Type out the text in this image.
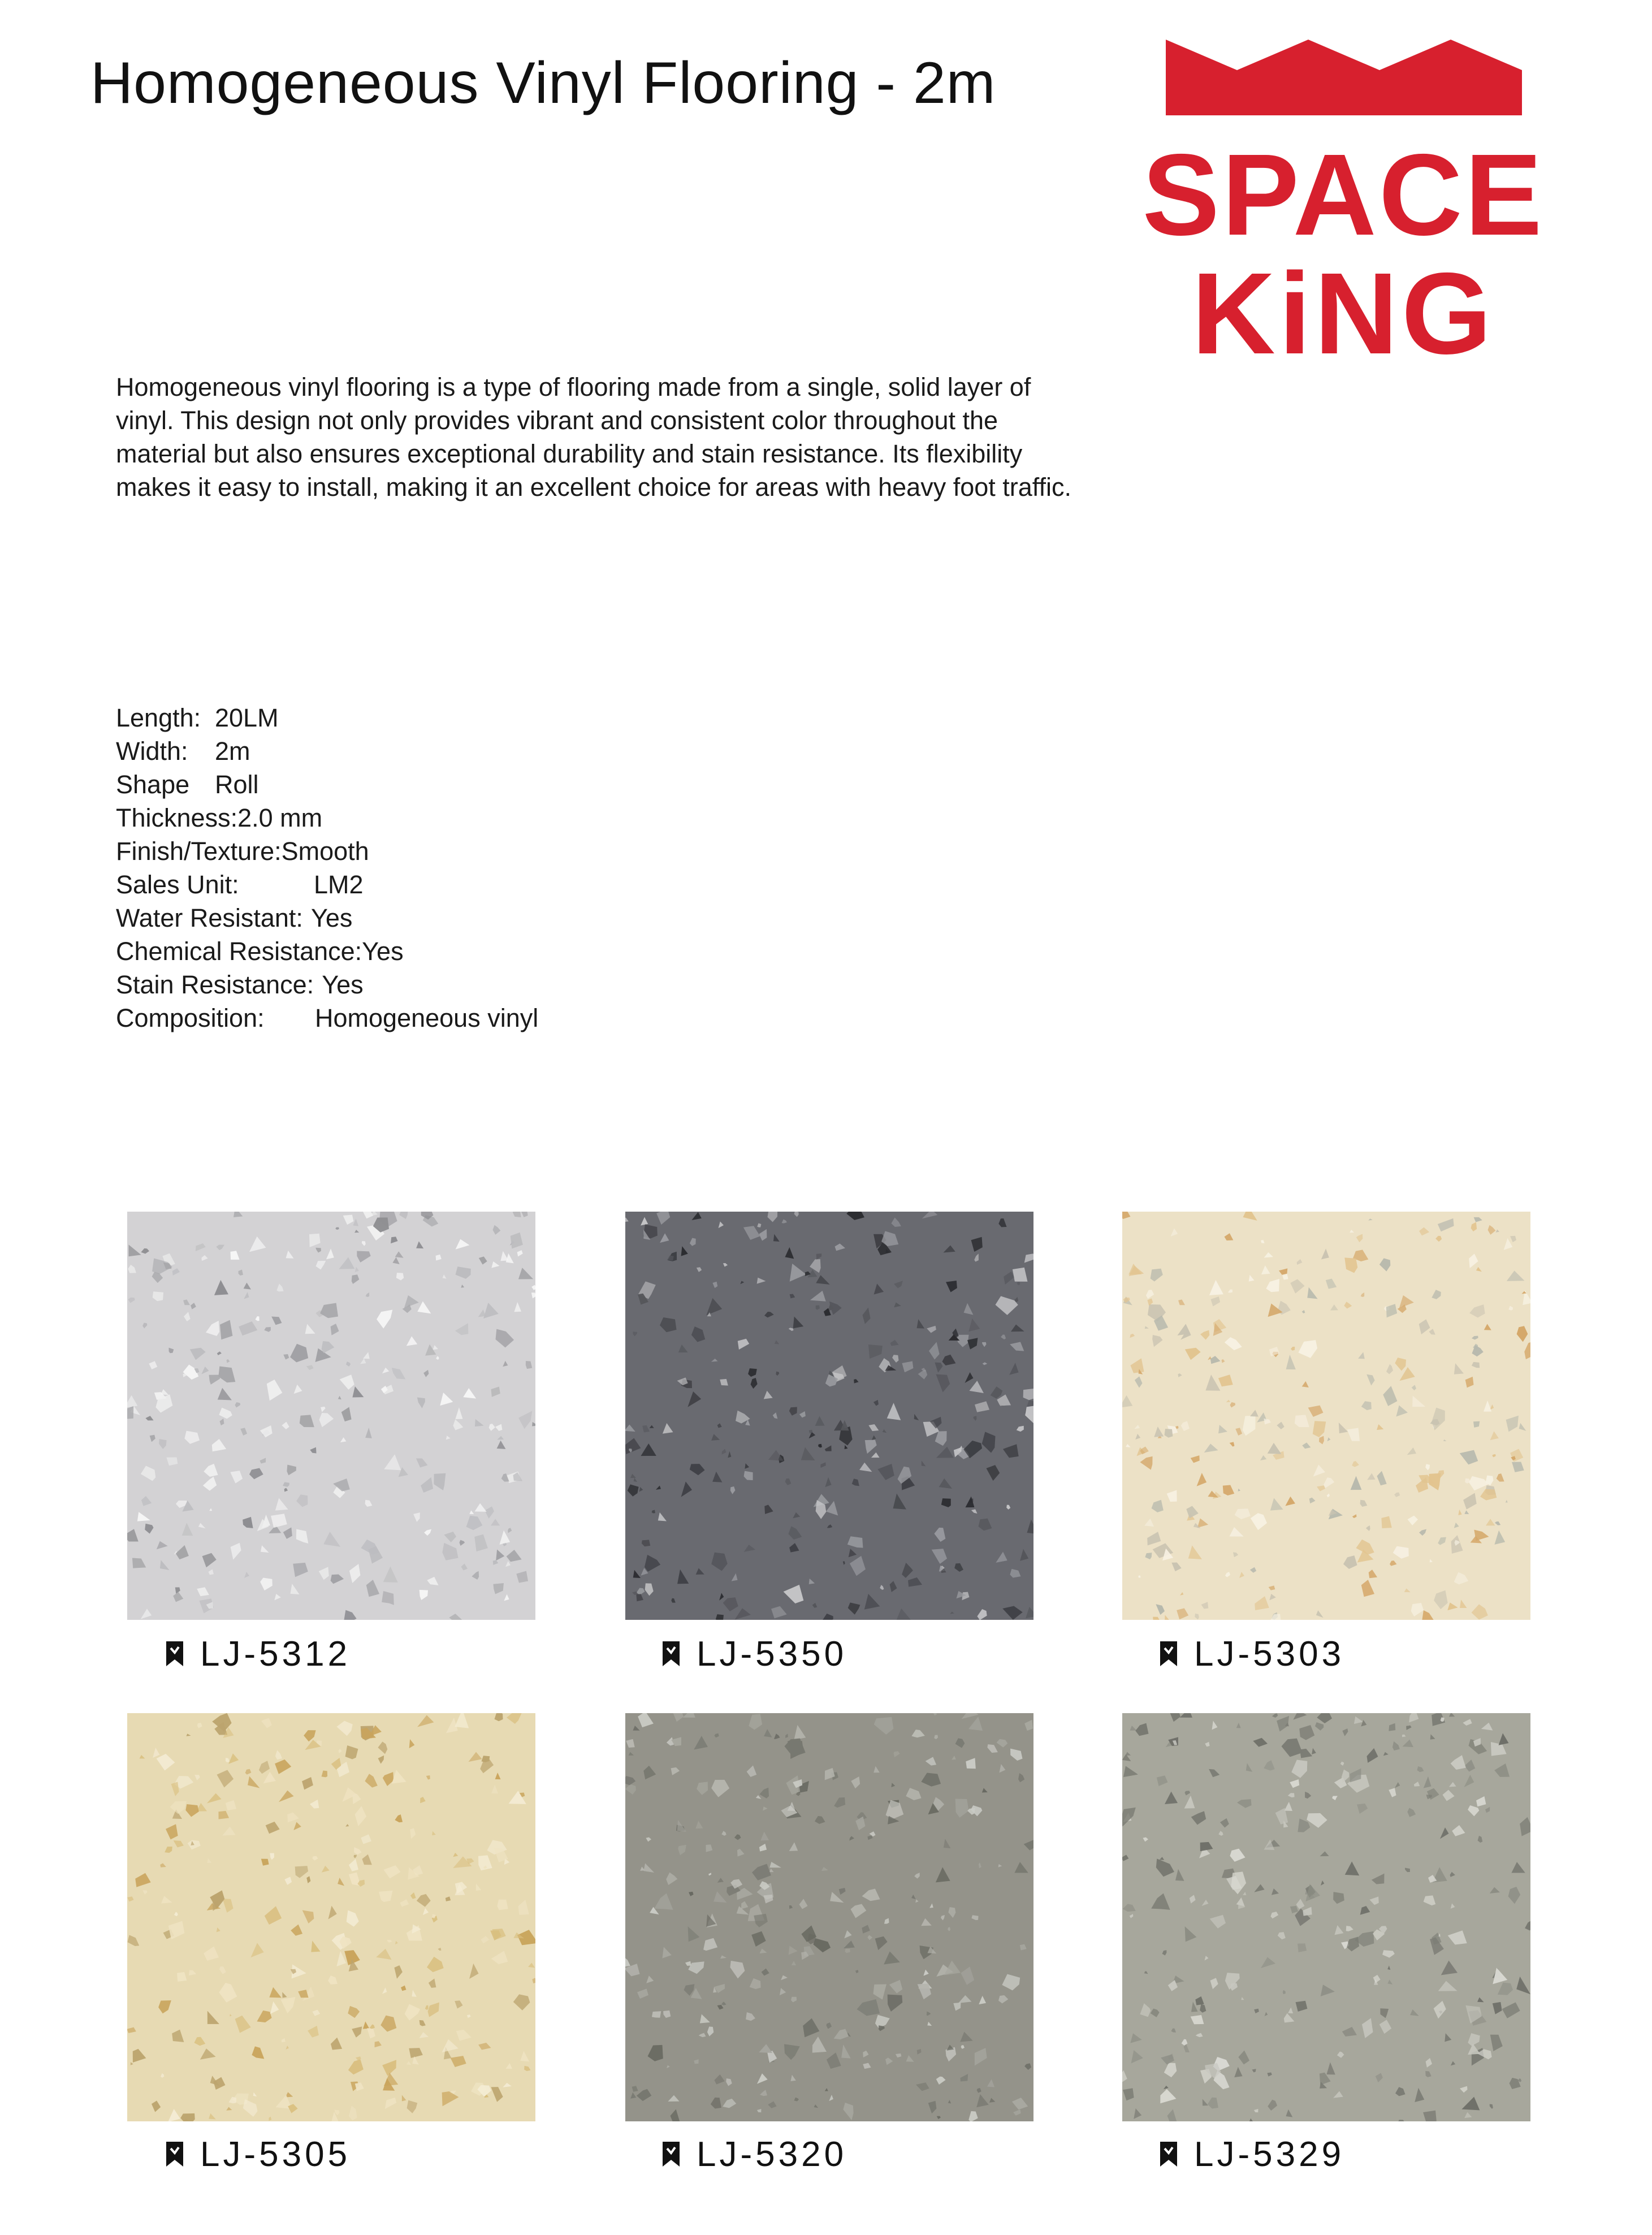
Homogeneous Vinyl Flooring - 2m
SPACE
KiNG
Homogeneous vinyl flooring is a type of flooring made from a single, solid layer of vinyl. This design not only provides vibrant and consistent color throughout the material but also ensures exceptional durability and stain resistance. Its flexibility makes it easy to install, making it an excellent choice for areas with heavy foot traffic.
Length: 20LM
Width: 2m
Shape Roll
Thickness:2.0 mm
Finish/Texture:Smooth
Sales Unit:	LM2
Water Resistant: Yes
Chemical Resistance:Yes
Stain Resistance: Yes
Composition: Homogeneous vinyl
LJ-5312	LJ-5350	LJ-5303
LJ-5305	LJ-5320	LJ-5329
